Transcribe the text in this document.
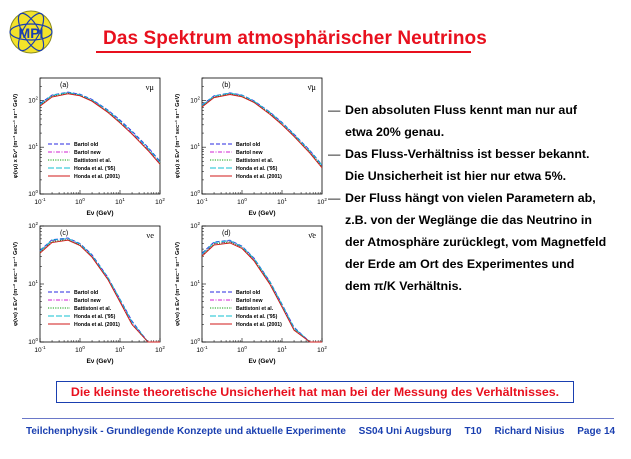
MPI	Das Spektrum atmosphärischer Neutrinos
$10^{-1}$	$10^0$	$10^1$	$10^2$
$10^0$
$10^1$
$10^2$
(a)	νμ
Bartol old
Bartol new
Battistoni et al.
Honda et al. ('95)
Honda et al. (2001)
Eν (GeV)
φ(νμ) x Eν² (m⁻² sec⁻¹ sr⁻¹ GeV)
$10^{-1}$	$10^0$	$10^1$	$10^2$
$10^0$
$10^1$
$10^2$
(b)	ν̄μ
Bartol old
Bartol new
Battistoni et al.
Honda et al. ('95)
Honda et al. (2001)
Eν (GeV)
φ(νμ) x Eν² (m⁻² sec⁻¹ sr⁻¹ GeV)
$10^{-1}$	$10^0$	$10^1$	$10^2$
$10^0$
$10^1$
$10^2$
(c)	νe
Bartol old
Bartol new
Battistoni et al.
Honda et al. ('95)
Honda et al. (2001)
Eν (GeV)
φ(νe) x Eν² (m⁻² sec⁻¹ sr⁻¹ GeV)
$10^{-1}$	$10^0$	$10^1$	$10^2$
$10^0$
$10^1$
$10^2$
(d)	ν̄e
Bartol old
Bartol new
Battistoni et al.
Honda et al. ('95)
Honda et al. (2001)
Eν (GeV)
φ(νe) x Eν² (m⁻² sec⁻¹ sr⁻¹ GeV)
— Den absoluten Fluss kennt man nur auf
etwa 20% genau.
— Das Fluss-Verhältniss ist besser bekannt.
Die Unsicherheit ist hier nur etwa 5%.
— Der Fluss hängt von vielen Parametern ab,
z.B. von der Weglänge die das Neutrino in
der Atmosphäre zurücklegt, vom Magnetfeld
der Erde am Ort des Experimentes und
dem π/K Verhältnis.
Die kleinste theoretische Unsicherheit hat man bei der Messung des Verhältnisses.
Teilchenphysik - Grundlegende Konzepte und aktuelle Experimente SS04 Uni Augsburg T10 Richard Nisius Page 14
